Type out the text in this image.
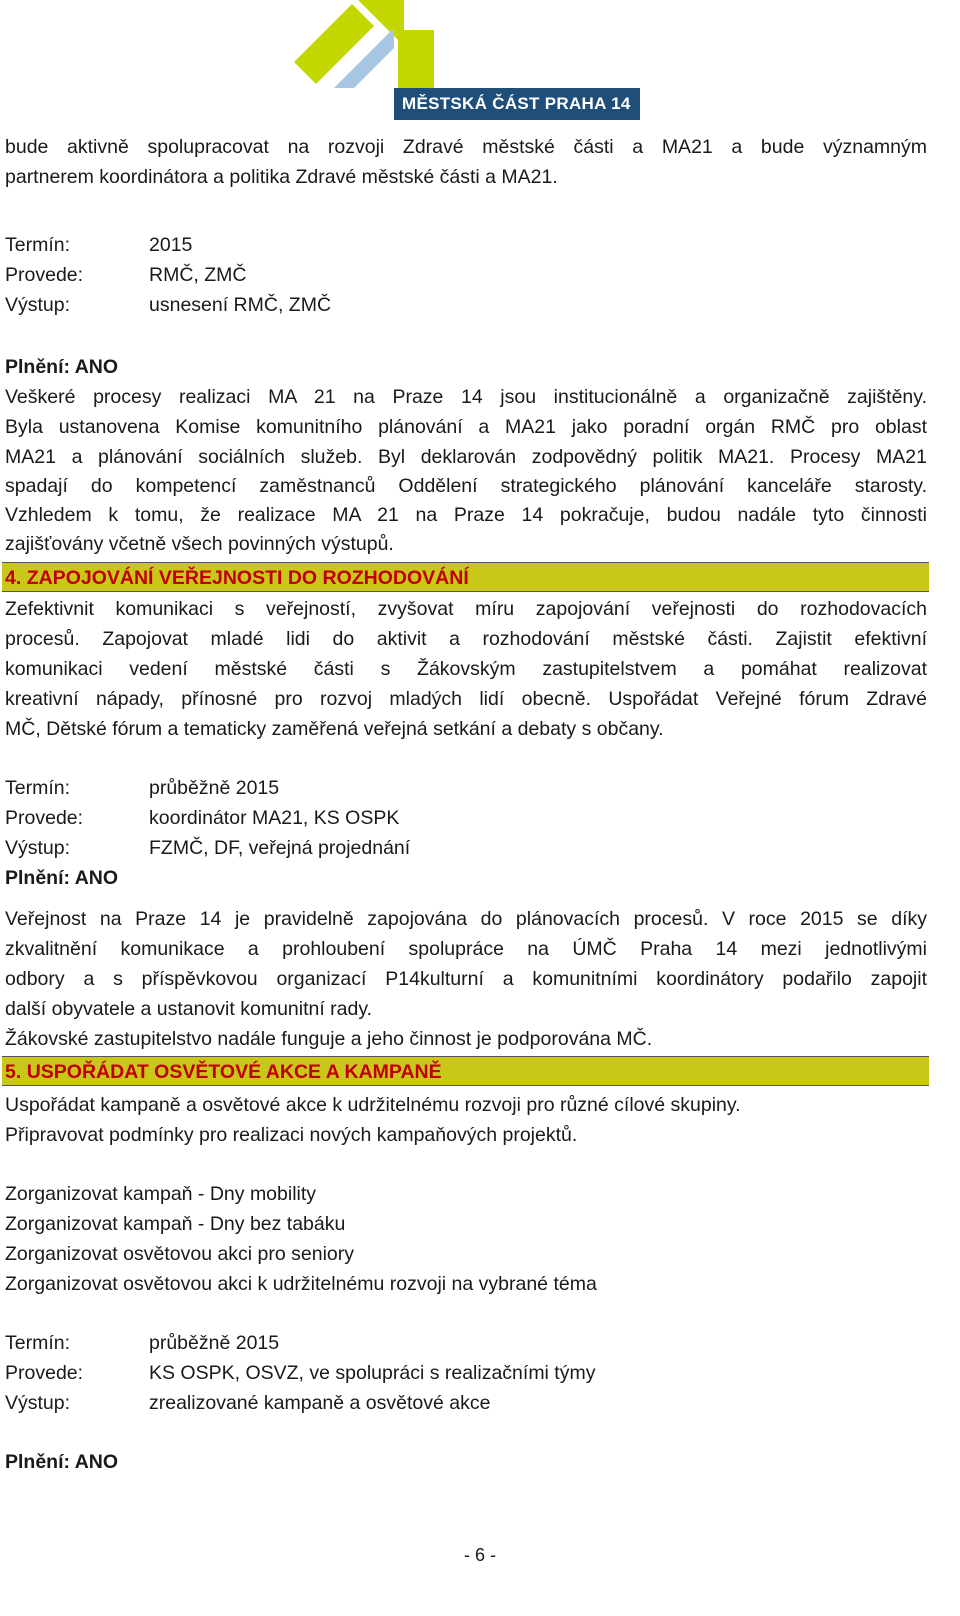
MĚSTSKÁ ČÁST PRAHA 14
bude aktivně spolupracovat na rozvoji Zdravé městské části a MA21 a bude významným
partnerem koordinátora a politika Zdravé městské části a MA21.
Termín:	2015
Provede:	RMČ, ZMČ
Výstup:	usnesení RMČ, ZMČ
Plnění: ANO
Veškeré procesy realizaci MA 21 na Praze 14 jsou institucionálně a organizačně zajištěny.
Byla ustanovena Komise komunitního plánování a MA21 jako poradní orgán RMČ pro oblast
MA21 a plánování sociálních služeb. Byl deklarován zodpovědný politik MA21. Procesy MA21
spadají do kompetencí zaměstnanců Oddělení strategického plánování kanceláře starosty.
Vzhledem k tomu, že realizace MA 21 na Praze 14 pokračuje, budou nadále tyto činnosti
zajišťovány včetně všech povinných výstupů.
4. ZAPOJOVÁNÍ VEŘEJNOSTI DO ROZHODOVÁNÍ
Zefektivnit komunikaci s veřejností, zvyšovat míru zapojování veřejnosti do rozhodovacích
procesů. Zapojovat mladé lidi do aktivit a rozhodování městské části. Zajistit efektivní
komunikaci vedení městské části s Žákovským zastupitelstvem a pomáhat realizovat
kreativní nápady, přínosné pro rozvoj mladých lidí obecně. Uspořádat Veřejné fórum Zdravé
MČ, Dětské fórum a tematicky zaměřená veřejná setkání a debaty s občany.
Termín:	průběžně 2015
Provede:	koordinátor MA21, KS OSPK
Výstup:	FZMČ, DF, veřejná projednání
Plnění: ANO
Veřejnost na Praze 14 je pravidelně zapojována do plánovacích procesů. V roce 2015 se díky
zkvalitnění komunikace a prohloubení spolupráce na ÚMČ Praha 14 mezi jednotlivými
odbory a s příspěvkovou organizací P14kulturní a komunitními koordinátory podařilo zapojit
další obyvatele a ustanovit komunitní rady.
Žákovské zastupitelstvo nadále funguje a jeho činnost je podporována MČ.
5. USPOŘÁDAT OSVĚTOVÉ AKCE A KAMPANĚ
Uspořádat kampaně a osvětové akce k udržitelnému rozvoji pro různé cílové skupiny.
Připravovat podmínky pro realizaci nových kampaňových projektů.
Zorganizovat kampaň - Dny mobility
Zorganizovat kampaň - Dny bez tabáku
Zorganizovat osvětovou akci pro seniory
Zorganizovat osvětovou akci k udržitelnému rozvoji na vybrané téma
Termín:	průběžně 2015
Provede:	KS OSPK, OSVZ, ve spolupráci s realizačními týmy
Výstup:	zrealizované kampaně a osvětové akce
Plnění: ANO
- 6 -
